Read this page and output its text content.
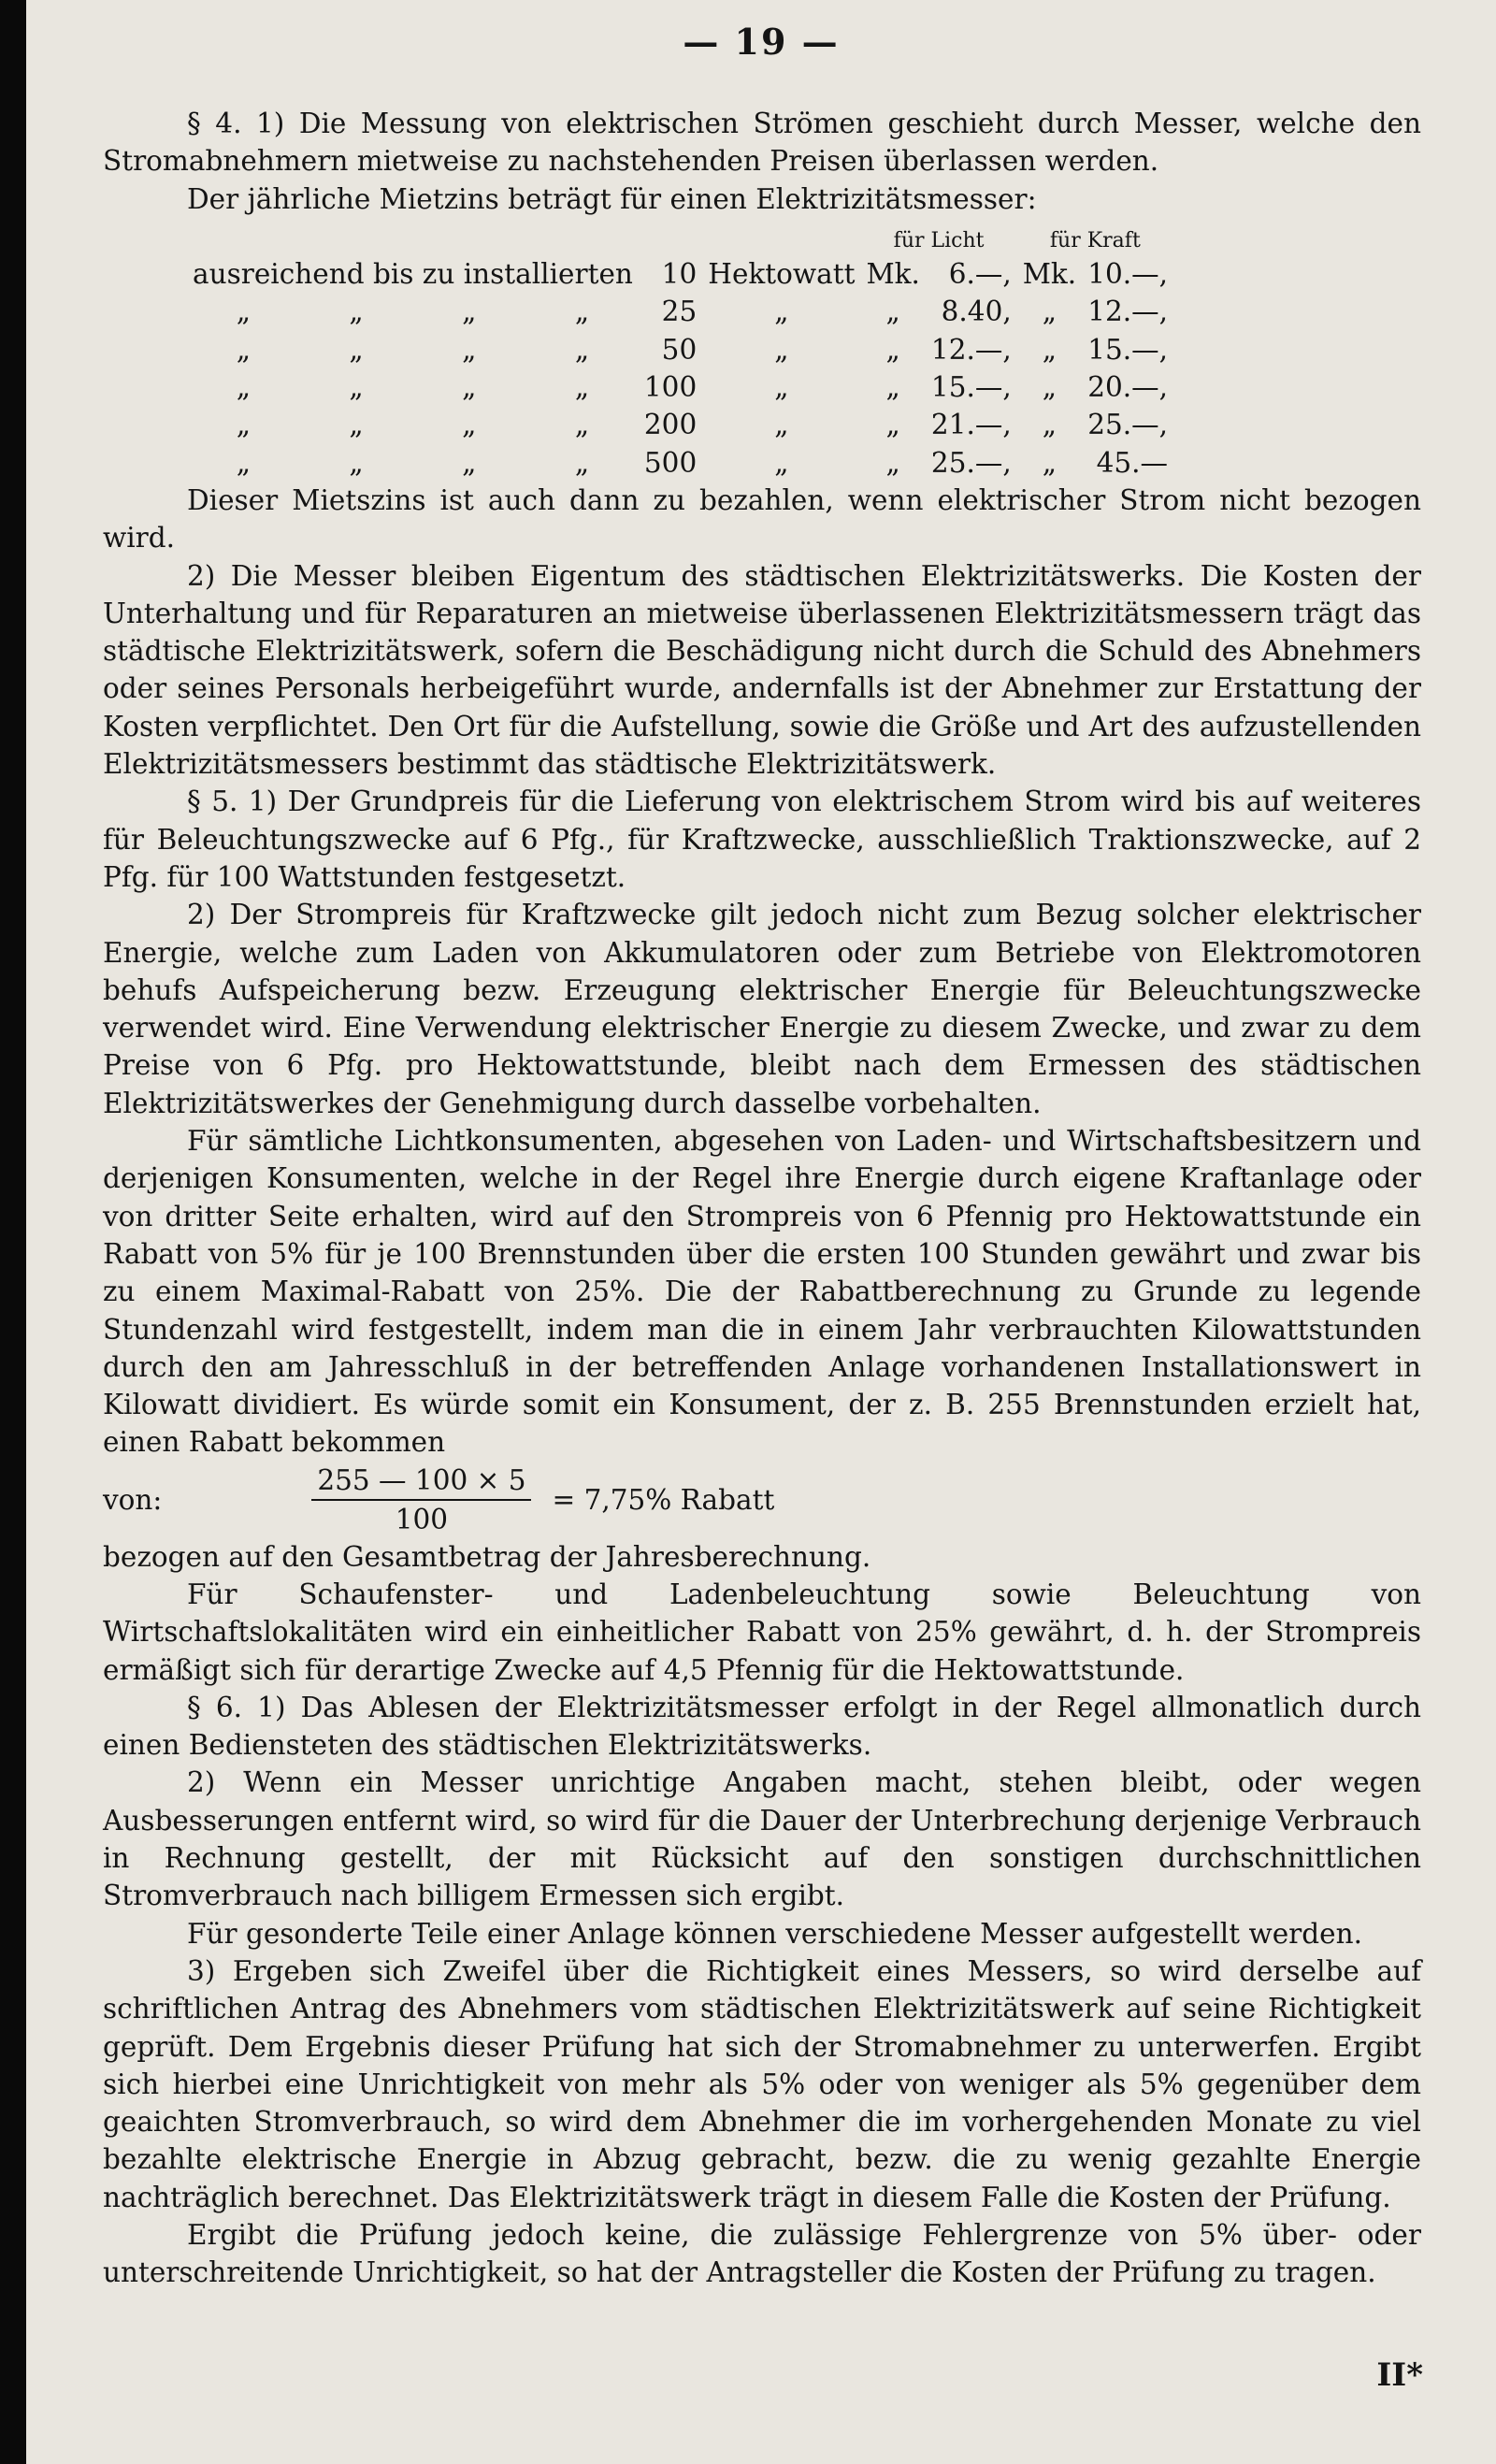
— 19 —

§ 4. 1) Die Messung von elektrischen Strömen geschieht durch Messer, welche den Stromabnehmern mietweise zu nachstehenden Preisen überlassen werden.

Der jährliche Mietzins beträgt für einen Elektrizitätsmesser:

						für Licht		für Kraft	
ausreichend bis zu installierten				10	Hektowatt	Mk.	6.—,	Mk.	10.—,
„	„	„	„	25	„	„	8.40,	„	12.—,
„	„	„	„	50	„	„	12.—,	„	15.—,
„	„	„	„	100	„	„	15.—,	„	20.—,
„	„	„	„	200	„	„	21.—,	„	25.—,
„	„	„	„	500	„	„	25.—,	„	45.—

Dieser Mietszins ist auch dann zu bezahlen, wenn elektrischer Strom nicht bezogen wird.

2) Die Messer bleiben Eigentum des städtischen Elektrizitätswerks. Die Kosten der Unterhaltung und für Reparaturen an mietweise überlassenen Elektrizitätsmessern trägt das städtische Elektrizitätswerk, sofern die Beschädigung nicht durch die Schuld des Abnehmers oder seines Personals herbeigeführt wurde, andernfalls ist der Abnehmer zur Erstattung der Kosten verpflichtet. Den Ort für die Aufstellung, sowie die Größe und Art des aufzustellenden Elektrizitätsmessers bestimmt das städtische Elektrizitätswerk.

§ 5. 1) Der Grundpreis für die Lieferung von elektrischem Strom wird bis auf weiteres für Beleuchtungszwecke auf 6 Pfg., für Kraftzwecke, ausschließlich Traktionszwecke, auf 2 Pfg. für 100 Wattstunden festgesetzt.

2) Der Strompreis für Kraftzwecke gilt jedoch nicht zum Bezug solcher elektrischer Energie, welche zum Laden von Akkumulatoren oder zum Betriebe von Elektromotoren behufs Aufspeicherung bezw. Erzeugung elektrischer Energie für Beleuchtungszwecke verwendet wird. Eine Verwendung elektrischer Energie zu diesem Zwecke, und zwar zu dem Preise von 6 Pfg. pro Hektowattstunde, bleibt nach dem Ermessen des städtischen Elektrizitätswerkes der Genehmigung durch dasselbe vorbehalten.

Für sämtliche Lichtkonsumenten, abgesehen von Laden- und Wirtschaftsbesitzern und derjenigen Konsumenten, welche in der Regel ihre Energie durch eigene Kraftanlage oder von dritter Seite erhalten, wird auf den Strompreis von 6 Pfennig pro Hektowattstunde ein Rabatt von 5% für je 100 Brennstunden über die ersten 100 Stunden gewährt und zwar bis zu einem Maximal-Rabatt von 25%. Die der Rabattberechnung zu Grunde zu legende Stundenzahl wird festgestellt, indem man die in einem Jahr verbrauchten Kilowattstunden durch den am Jahresschluß in der betreffenden Anlage vorhandenen Installationswert in Kilowatt dividiert. Es würde somit ein Konsument, der z. B. 255 Brennstunden erzielt hat, einen Rabatt bekommen

von:	$\frac{255 — 100 \times 5}{100} = 7,75\%$ Rabatt

bezogen auf den Gesamtbetrag der Jahresberechnung.

Für Schaufenster- und Ladenbeleuchtung sowie Beleuchtung von Wirtschaftslokalitäten wird ein einheitlicher Rabatt von 25% gewährt, d. h. der Strompreis ermäßigt sich für derartige Zwecke auf 4,5 Pfennig für die Hektowattstunde.

§ 6. 1) Das Ablesen der Elektrizitätsmesser erfolgt in der Regel allmonatlich durch einen Bediensteten des städtischen Elektrizitätswerks.

2) Wenn ein Messer unrichtige Angaben macht, stehen bleibt, oder wegen Ausbesserungen entfernt wird, so wird für die Dauer der Unterbrechung derjenige Verbrauch in Rechnung gestellt, der mit Rücksicht auf den sonstigen durchschnittlichen Stromverbrauch nach billigem Ermessen sich ergibt.

Für gesonderte Teile einer Anlage können verschiedene Messer aufgestellt werden.

3) Ergeben sich Zweifel über die Richtigkeit eines Messers, so wird derselbe auf schriftlichen Antrag des Abnehmers vom städtischen Elektrizitätswerk auf seine Richtigkeit geprüft. Dem Ergebnis dieser Prüfung hat sich der Stromabnehmer zu unterwerfen. Ergibt sich hierbei eine Unrichtigkeit von mehr als 5% oder von weniger als 5% gegenüber dem geaichten Stromverbrauch, so wird dem Abnehmer die im vorhergehenden Monate zu viel bezahlte elektrische Energie in Abzug gebracht, bezw. die zu wenig gezahlte Energie nachträglich berechnet. Das Elektrizitätswerk trägt in diesem Falle die Kosten der Prüfung.

Ergibt die Prüfung jedoch keine, die zulässige Fehlergrenze von 5% über- oder unterschreitende Unrichtigkeit, so hat der Antragsteller die Kosten der Prüfung zu tragen.

II*
